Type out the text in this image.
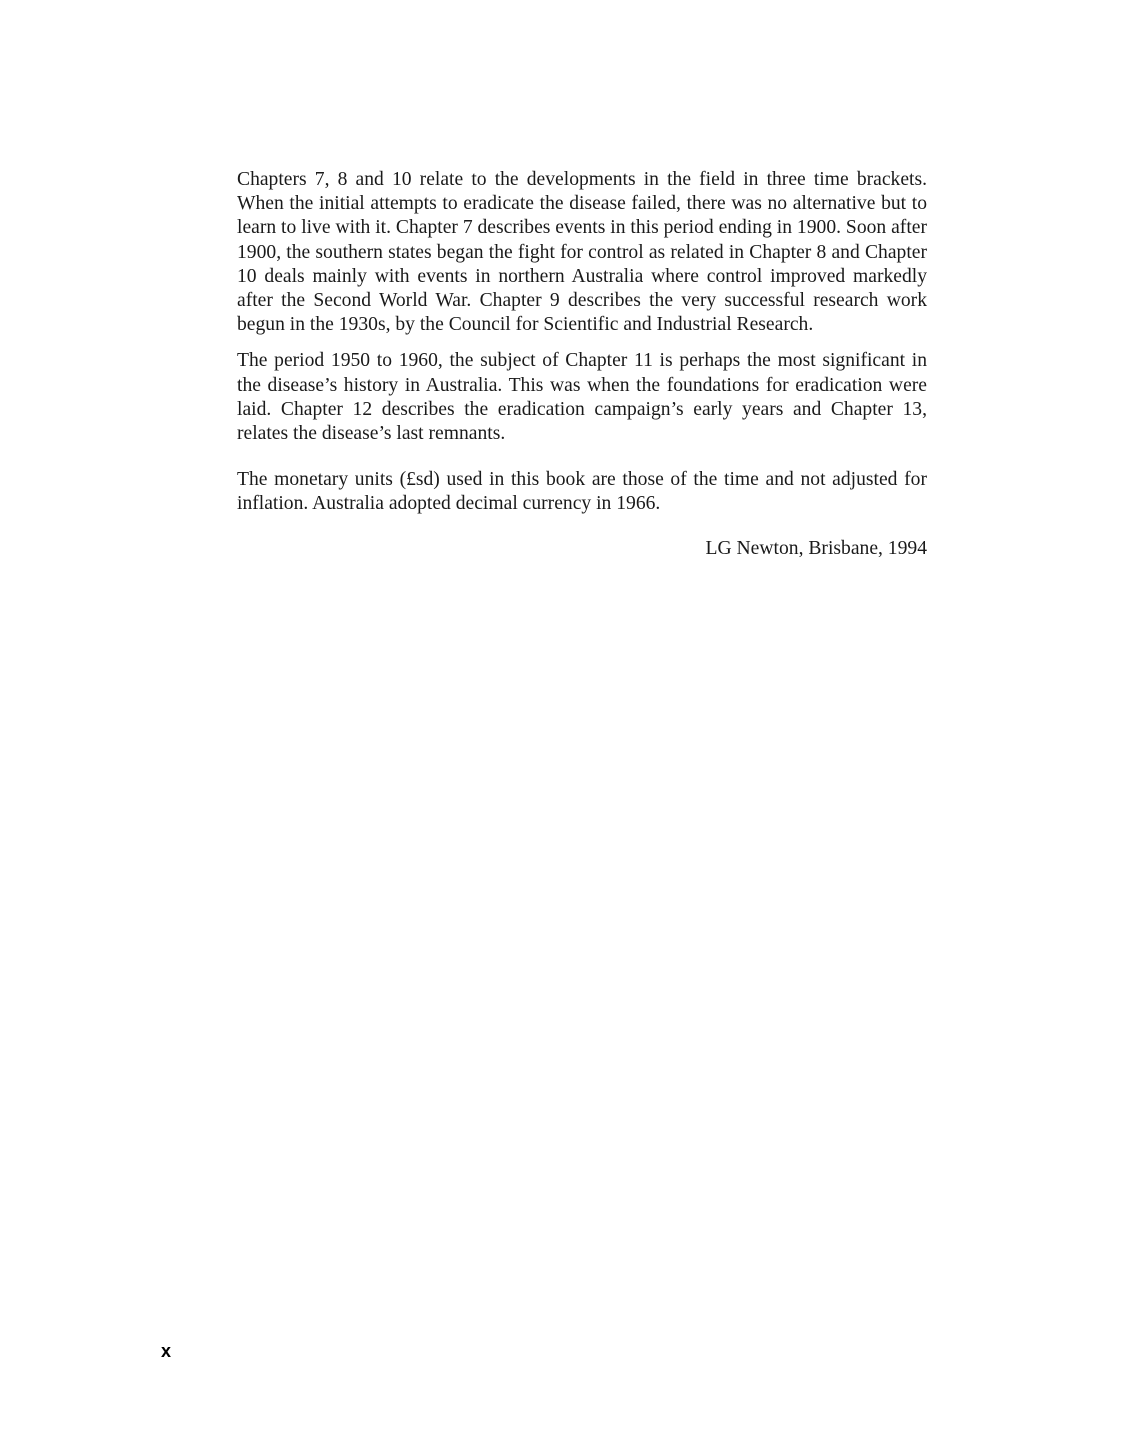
Chapters 7, 8 and 10 relate to the developments in the field in three time brackets. When the initial attempts to eradicate the disease failed, there was no alternative but to learn to live with it. Chapter 7 describes events in this period ending in 1900. Soon after 1900, the southern states began the fight for control as related in Chapter 8 and Chapter 10 deals mainly with events in northern Australia where control improved markedly after the Second World War. Chapter 9 describes the very successful research work begun in the 1930s, by the Council for Scientific and Industrial Research.

The period 1950 to 1960, the subject of Chapter 11 is perhaps the most significant in the disease’s history in Australia. This was when the foundations for eradication were laid. Chapter 12 describes the eradication campaign’s early years and Chapter 13, relates the disease’s last remnants.

The monetary units (£sd) used in this book are those of the time and not adjusted for inflation. Australia adopted decimal currency in 1966.

LG Newton, Brisbane, 1994

x
